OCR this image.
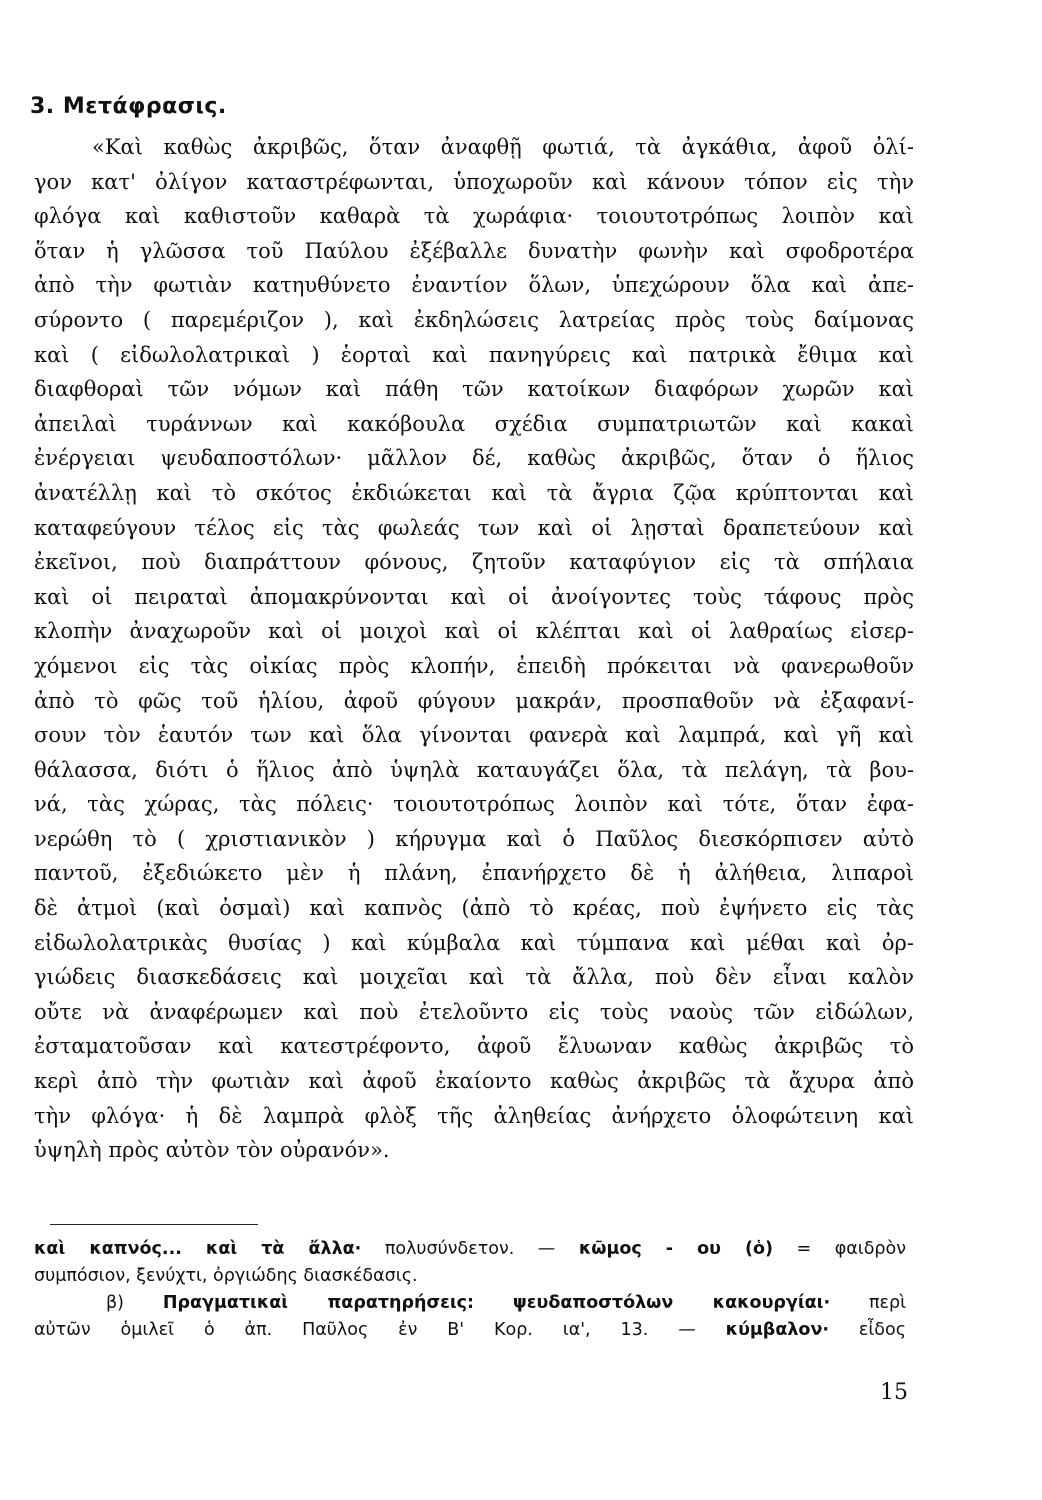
3. Μετάφρασις.
«Καὶ καθὼς ἀκριβῶς, ὅταν ἀναφθῇ φωτιά, τὰ ἀγκάθια, ἀφοῦ ὀλί-
γον κατ' ὀλίγον καταστρέφωνται, ὑποχωροῦν καὶ κάνουν τόπον εἰς τὴν
φλόγα καὶ καθιστοῦν καθαρὰ τὰ χωράφια· τοιουτοτρόπως λοιπὸν καὶ
ὅταν ἡ γλῶσσα τοῦ Παύλου ἐξέβαλλε δυνατὴν φωνὴν καὶ σφοδροτέρα
ἀπὸ τὴν φωτιὰν κατηυθύνετο ἐναντίον ὅλων, ὑπεχώρουν ὅλα καὶ ἀπε-
σύροντο ( παρεμέριζον ), καὶ ἐκδηλώσεις λατρείας πρὸς τοὺς δαίμονας
καὶ ( εἰδωλολατρικαὶ ) ἑορταὶ καὶ πανηγύρεις καὶ πατρικὰ ἔθιμα καὶ
διαφθοραὶ τῶν νόμων καὶ πάθη τῶν κατοίκων διαφόρων χωρῶν καὶ
ἀπειλαὶ τυράννων καὶ κακόβουλα σχέδια συμπατριωτῶν καὶ κακαὶ
ἐνέργειαι ψευδαποστόλων· μᾶλλον δέ, καθὼς ἀκριβῶς, ὅταν ὁ ἥλιος
ἀνατέλλῃ καὶ τὸ σκότος ἐκδιώκεται καὶ τὰ ἄγρια ζῷα κρύπτονται καὶ
καταφεύγουν τέλος εἰς τὰς φωλεάς των καὶ οἱ λῃσταὶ δραπετεύουν καὶ
ἐκεῖνοι, ποὺ διαπράττουν φόνους, ζητοῦν καταφύγιον εἰς τὰ σπήλαια
καὶ οἱ πειραταὶ ἀπομακρύνονται καὶ οἱ ἀνοίγοντες τοὺς τάφους πρὸς
κλοπὴν ἀναχωροῦν καὶ οἱ μοιχοὶ καὶ οἱ κλέπται καὶ οἱ λαθραίως εἰσερ-
χόμενοι εἰς τὰς οἰκίας πρὸς κλοπήν, ἐπειδὴ πρόκειται νὰ φανερωθοῦν
ἀπὸ τὸ φῶς τοῦ ἡλίου, ἀφοῦ φύγουν μακράν, προσπαθοῦν νὰ ἐξαφανί-
σουν τὸν ἑαυτόν των καὶ ὅλα γίνονται φανερὰ καὶ λαμπρά, καὶ γῆ καὶ
θάλασσα, διότι ὁ ἥλιος ἀπὸ ὑψηλὰ καταυγάζει ὅλα, τὰ πελάγη, τὰ βου-
νά, τὰς χώρας, τὰς πόλεις· τοιουτοτρόπως λοιπὸν καὶ τότε, ὅταν ἐφα-
νερώθη τὸ ( χριστιανικὸν ) κήρυγμα καὶ ὁ Παῦλος διεσκόρπισεν αὐτὸ
παντοῦ, ἐξεδιώκετο μὲν ἡ πλάνη, ἐπανήρχετο δὲ ἡ ἀλήθεια, λιπαροὶ
δὲ ἀτμοὶ (καὶ ὀσμαὶ) καὶ καπνὸς (ἀπὸ τὸ κρέας, ποὺ ἐψήνετο εἰς τὰς
εἰδωλολατρικὰς θυσίας ) καὶ κύμβαλα καὶ τύμπανα καὶ μέθαι καὶ ὀρ-
γιώδεις διασκεδάσεις καὶ μοιχεῖαι καὶ τὰ ἄλλα, ποὺ δὲν εἶναι καλὸν
οὔτε νὰ ἀναφέρωμεν καὶ ποὺ ἐτελοῦντο εἰς τοὺς ναοὺς τῶν εἰδώλων,
ἐσταματοῦσαν καὶ κατεστρέφοντο, ἀφοῦ ἔλυωναν καθὼς ἀκριβῶς τὸ
κερὶ ἀπὸ τὴν φωτιὰν καὶ ἀφοῦ ἐκαίοντο καθὼς ἀκριβῶς τὰ ἄχυρα ἀπὸ
τὴν φλόγα· ἡ δὲ λαμπρὰ φλὸξ τῆς ἀληθείας ἀνήρχετο ὁλοφώτεινη καὶ
ὑψηλὴ πρὸς αὐτὸν τὸν οὐρανόν».
καὶ καπνός... καὶ τὰ ἄλλα· πολυσύνδετον. — κῶμος - ου (ὁ) = φαιδρὸν
συμπόσιον, ξενύχτι, ὀργιώδης διασκέδασις.
β) Πραγματικαὶ παρατηρήσεις: ψευδαποστόλων κακουργίαι· περὶ
αὐτῶν ὁμιλεῖ ὁ ἀπ. Παῦλος ἐν Β' Κορ. ια', 13. — κύμβαλον· εἶδος
15
